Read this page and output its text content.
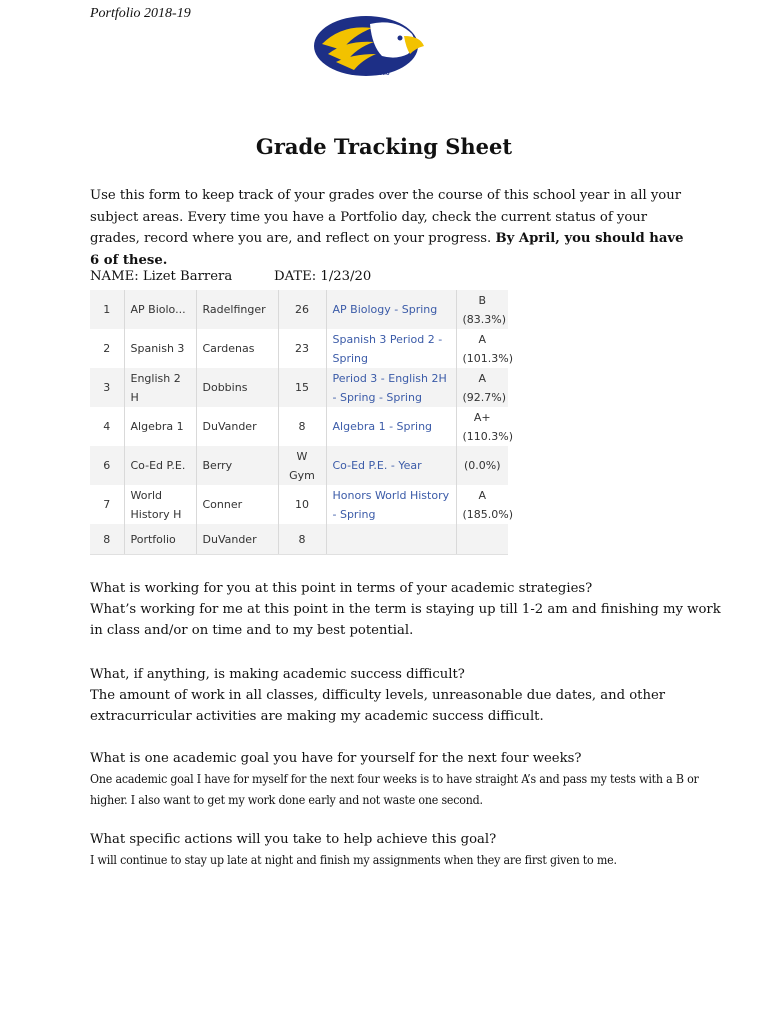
Portfolio 2018-19
CHS Portfolio
Grade Tracking Sheet
Use this form to keep track of your grades over the course of this school year in all your subject areas. Every time you have a Portfolio day, check the current status of your grades, record where you are, and reflect on your progress. By April, you should have 6 of these.
NAME: Lizet Barrera	DATE: 1/23/20
1	AP Biolo...	Radelfinger	26	AP Biology - Spring	B
(83.3%)
2	Spanish 3	Cardenas	23	Spanish 3 Period 2 - Spring	A
(101.3%)
3	English 2 H	Dobbins	15	Period 3 - English 2H - Spring - Spring	A
(92.7%)
4	Algebra 1	DuVander	8	Algebra 1 - Spring	A+
(110.3%)
6	Co-Ed P.E.	Berry	W Gym	Co-Ed P.E. - Year	(0.0%)
7	World History H	Conner	10	Honors World History - Spring	A
(185.0%)
8	Portfolio	DuVander	8		
What is working for you at this point in terms of your academic strategies?
What’s working for me at this point in the term is staying up till 1-2 am and finishing my work in class and/or on time and to my best potential.
What, if anything, is making academic success difficult?
The amount of work in all classes, difficulty levels, unreasonable due dates, and other extracurricular activities are making my academic success difficult.
What is one academic goal you have for yourself for the next four weeks?
One academic goal I have for myself for the next four weeks is to have straight A’s and pass my tests with a B or higher. I also want to get my work done early and not waste one second.
What specific actions will you take to help achieve this goal?
I will continue to stay up late at night and finish my assignments when they are first given to me.
